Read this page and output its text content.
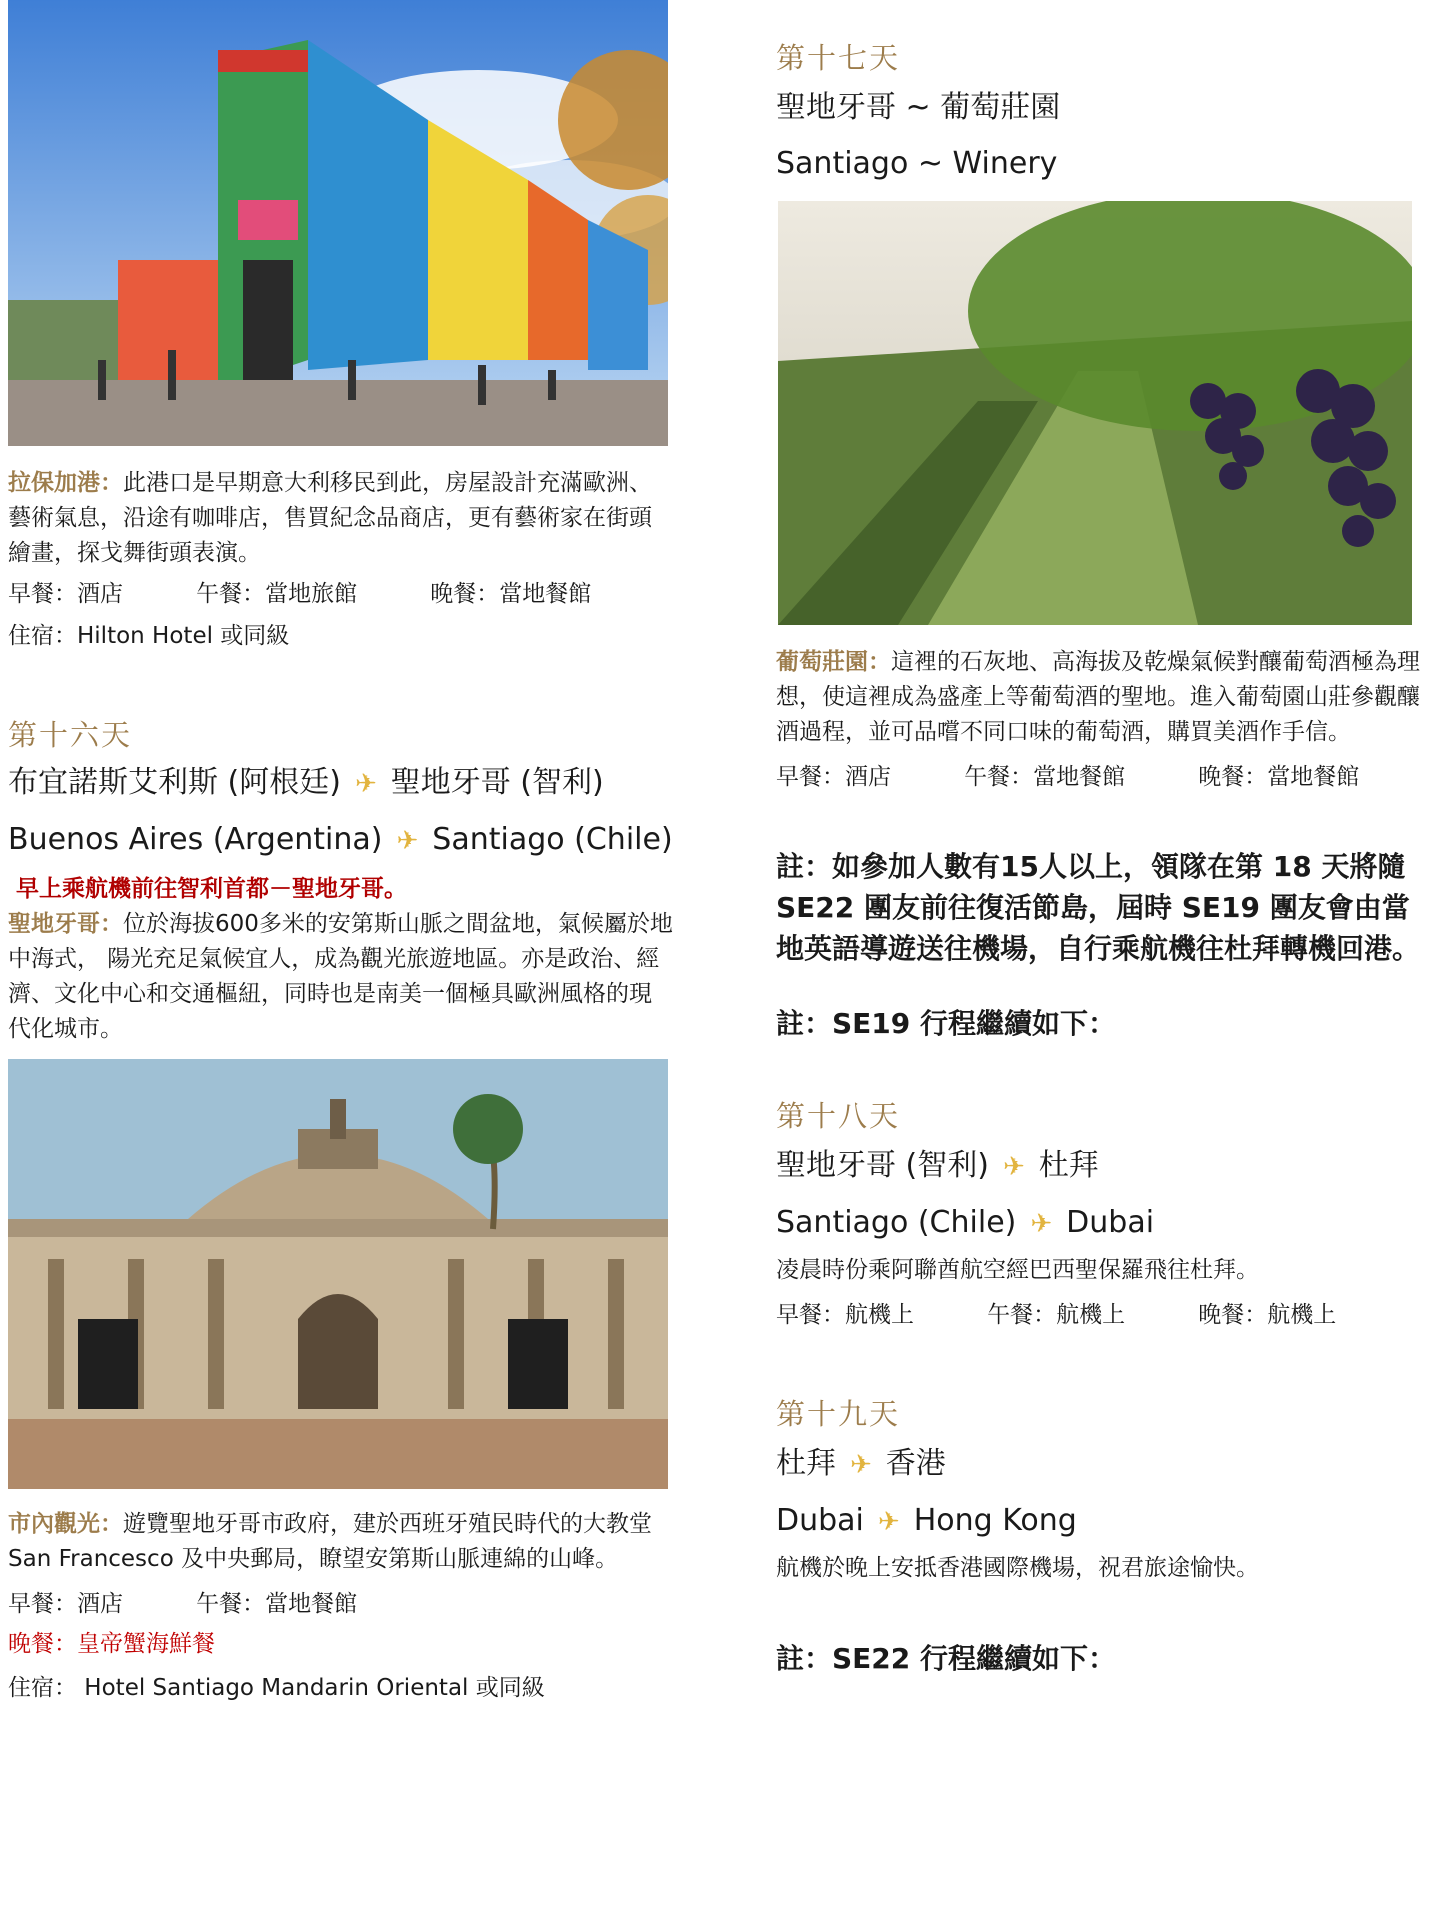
拉保加港：此港口是早期意大利移民到此，房屋設計充滿歐洲、藝術氣息，沿途有咖啡店，售買紀念品商店，更有藝術家在街頭繪畫，探戈舞街頭表演。
早餐：酒店          午餐：當地旅館          晚餐：當地餐館
住宿：Hilton Hotel 或同級
第十六天
布宜諾斯艾利斯 (阿根廷) ✈ 聖地牙哥 (智利)
Buenos Aires (Argentina) ✈ Santiago (Chile)
早上乘航機前往智利首都－聖地牙哥。
聖地牙哥：位於海拔600多米的安第斯山脈之間盆地，氣候屬於地中海式， 陽光充足氣候宜人，成為觀光旅遊地區。亦是政治、經濟、文化中心和交通樞紐，同時也是南美一個極具歐洲風格的現代化城市。
市內觀光：遊覽聖地牙哥市政府，建於西班牙殖民時代的大教堂 San Francesco 及中央郵局，瞭望安第斯山脈連綿的山峰。
早餐：酒店          午餐：當地餐館
晚餐：皇帝蟹海鮮餐
住宿： Hotel Santiago Mandarin Oriental 或同級
第十七天
聖地牙哥 ~ 葡萄莊園
Santiago ~ Winery
葡萄莊園：這裡的石灰地、高海拔及乾燥氣候對釀葡萄酒極為理想，使這裡成為盛產上等葡萄酒的聖地。進入葡萄園山莊參觀釀酒過程，並可品嚐不同口味的葡萄酒，購買美酒作手信。
早餐：酒店          午餐：當地餐館          晚餐：當地餐館
註：如參加人數有15人以上，領隊在第 18 天將隨 SE22 團友前往復活節島，屆時 SE19 團友會由當地英語導遊送往機場，自行乘航機往杜拜轉機回港。
註：SE19 行程繼續如下：
第十八天
聖地牙哥 (智利) ✈ 杜拜
Santiago (Chile) ✈ Dubai
凌晨時份乘阿聯酋航空經巴西聖保羅飛往杜拜。
早餐：航機上          午餐：航機上          晚餐：航機上
第十九天
杜拜 ✈ 香港
Dubai ✈ Hong Kong
航機於晚上安抵香港國際機場，祝君旅途愉快。
註：SE22 行程繼續如下：
